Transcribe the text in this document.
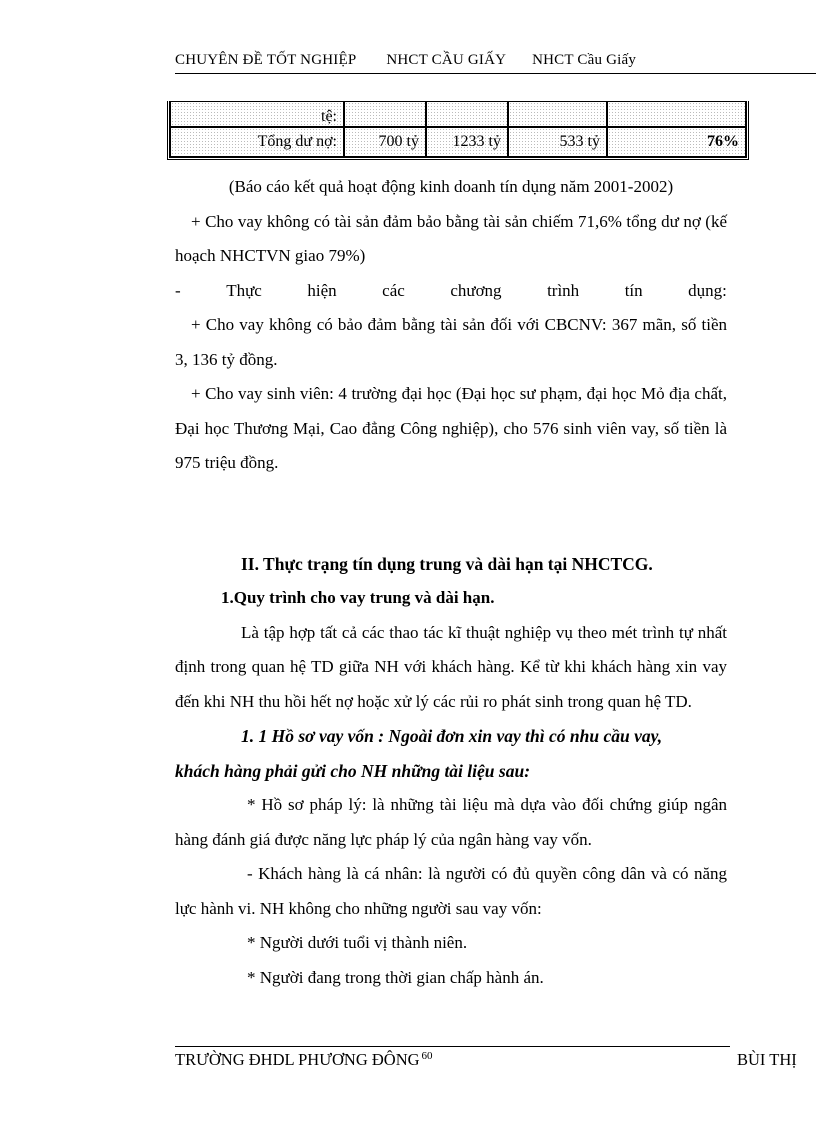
CHUYÊN ĐỀ TỐT NGHIỆP NHCT CẦU GIẤY NHCT Cầu Giấy
tệ:				
Tổng dư nợ:	700 tỷ	1233 tỷ	533 tỷ	76%

(Báo cáo kết quả hoạt động kinh doanh tín dụng năm 2001-2002)

+ Cho vay không có tài sản đảm bảo bằng tài sản chiếm 71,6% tổng dư nợ (kế hoạch NHCTVN giao 79%)

-	Thực	hiện	các	chương	trình	tín	dụng:

+ Cho vay không có bảo đảm bằng tài sản đối với CBCNV: 367 mãn, số tiền 3, 136 tỷ đồng.

+ Cho vay sinh viên: 4 trường đại học (Đại học sư phạm, đại học Mỏ địa chất, Đại học Thương Mại, Cao đẳng Công nghiệp), cho 576 sinh viên vay, số tiền là 975 triệu đồng.

II. Thực trạng tín dụng trung và dài hạn tại NHCTCG.

1.Quy trình cho vay trung và dài hạn.

Là tập hợp tất cả các thao tác kĩ thuật nghiệp vụ theo mét trình tự nhất định trong quan hệ TD giữa NH với khách hàng. Kể từ khi khách hàng xin vay đến khi NH thu hồi hết nợ hoặc xử lý các rủi ro phát sinh trong quan hệ TD.

1. 1 Hồ sơ vay vốn : Ngoài đơn xin vay thì có nhu cầu vay,

khách hàng phải gửi cho NH những tài liệu sau:

* Hồ sơ pháp lý: là những tài liệu mà dựa vào đối chứng giúp ngân hàng đánh giá được năng lực pháp lý của ngân hàng vay vốn.

- Khách hàng là cá nhân: là người có đủ quyền công dân và có năng lực hành vi. NH không cho những người sau vay vốn:

* Người dưới tuổi vị thành niên.

* Người đang trong thời gian chấp hành án.

TRƯỜNG ĐHDL PHƯƠNG ĐÔNG $^{60}$	BÙI THỊ
